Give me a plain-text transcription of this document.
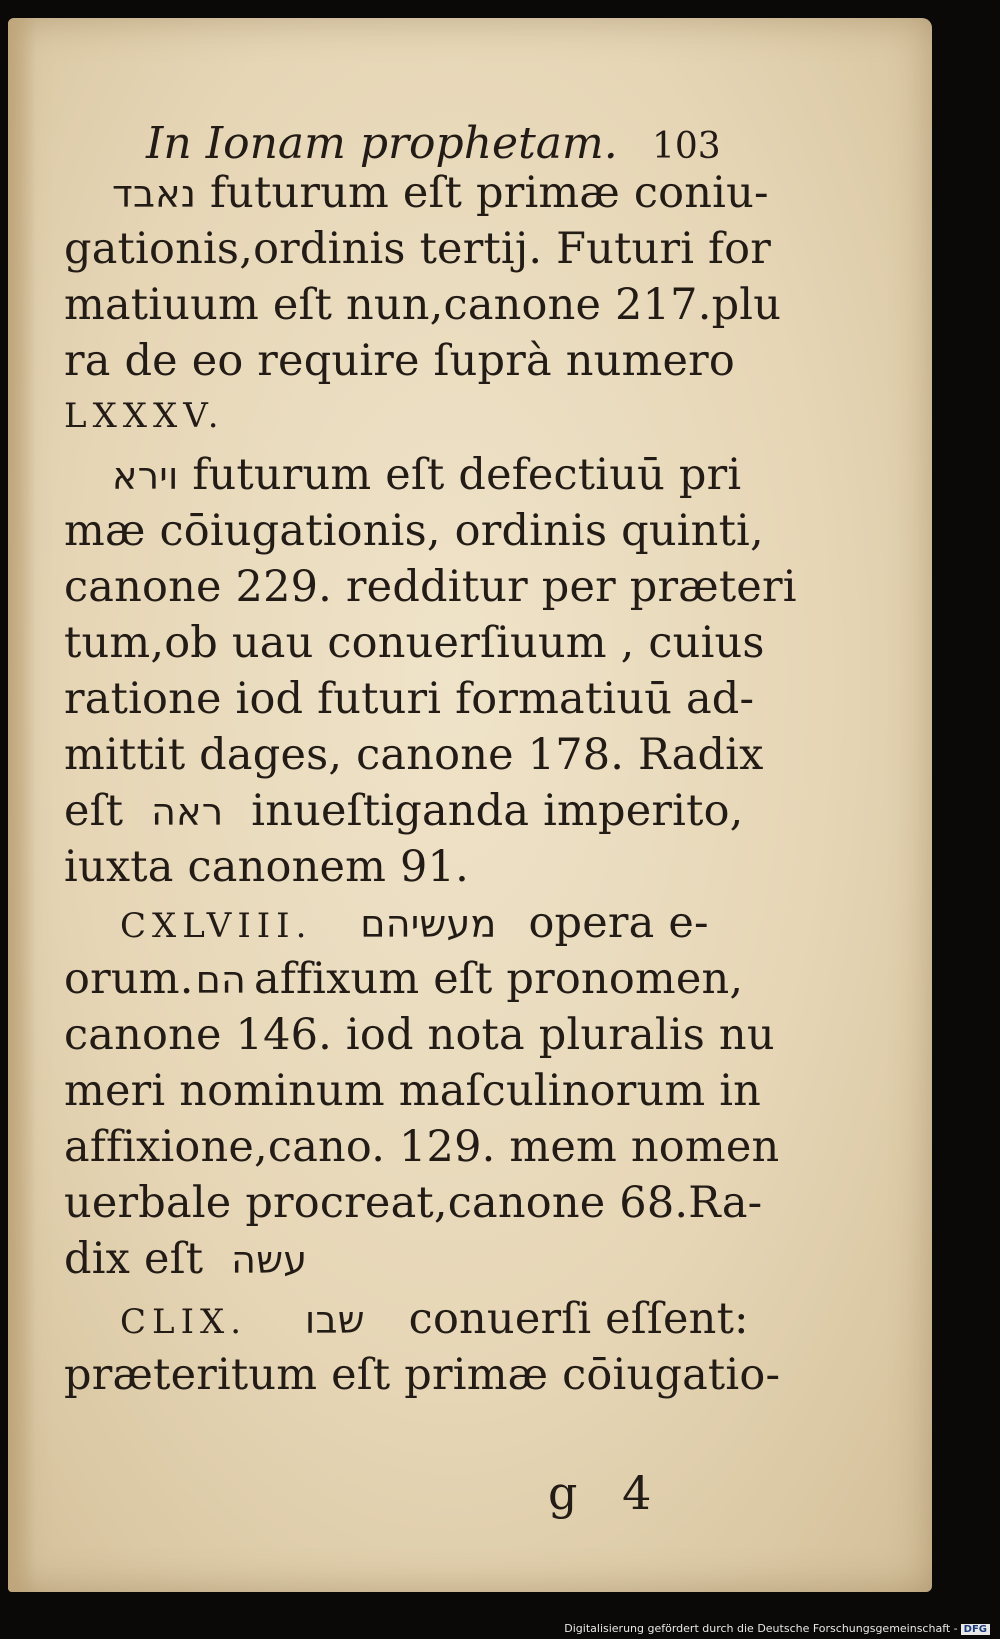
In Ionam prophetam. 103
נאבד futurum eſt primæ coniu-
gationis,ordinis tertij. Futuri for
matiuum eſt nun,canone 217.plu
ra de eo require ſuprà numero
LXXXV.
וירא futurum eſt defectiuū pri
mæ cōiugationis, ordinis quinti,
canone 229. redditur per præteri
tum,ob uau conuerſiuum , cuius
ratione iod futuri formatiuū ad-
mittit dages, canone 178. Radix
eſt ראה inueſtiganda imperito,
iuxta canonem 91.
CXLVIII. מעשיהם opera e-
orum.הם affixum eſt pronomen,
canone 146. iod nota pluralis nu
meri nominum maſculinorum in
affixione,cano. 129. mem nomen
uerbale procreat,canone 68.Ra-
dix eſt עשה
CLIX. שבו conuerſi eſſent:
præteritum eſt primæ cōiugatio-
g 4
Digitalisierung gefördert durch die Deutsche Forschungsgemeinschaft - DFG
